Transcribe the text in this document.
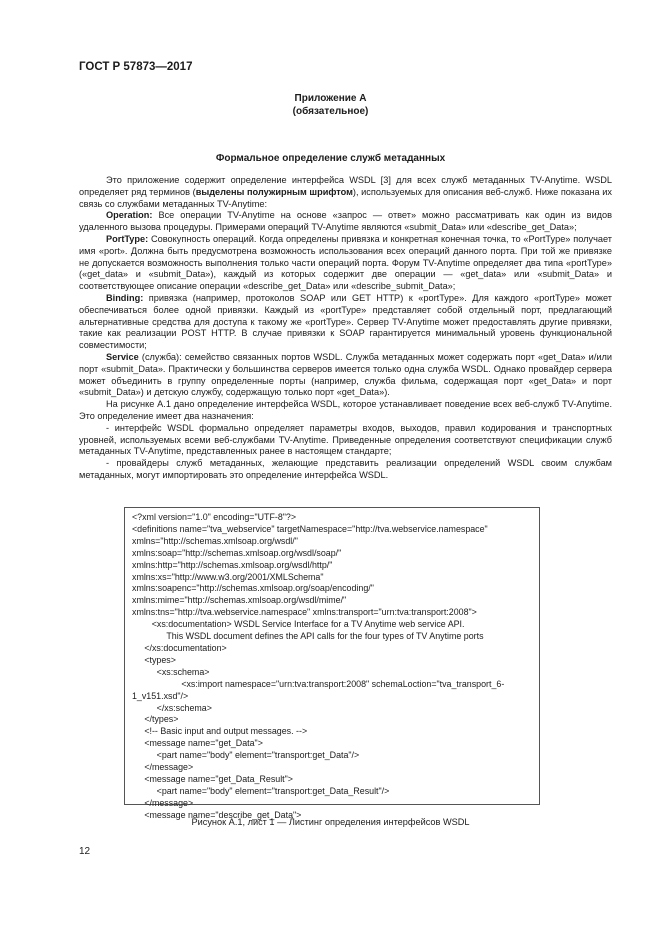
ГОСТ Р 57873—2017
Приложение А
(обязательное)
Формальное определение служб метаданных

Это приложение содержит определение интерфейса WSDL [3] для всех служб метаданных TV-Anytime. WSDL определяет ряд терминов (выделены полужирным шрифтом), используемых для описания веб-служб. Ниже показана их связь со службами метаданных TV-Anytime:

Operation: Все операции TV-Anytime на основе «запрос — ответ» можно рассматривать как один из видов удаленного вызова процедуры. Примерами операций TV-Anytime являются «submit_Data» или «describe_get_Data»;

PortType: Совокупность операций. Когда определены привязка и конкретная конечная точка, то «PortType» получает имя «port». Должна быть предусмотрена возможность использования всех операций данного порта. При той же привязке не допускается возможность выполнения только части операций порта. Форум TV-Anytime определяет два типа «portType» («get_data» и «submit_Data»), каждый из которых содержит две операции — «get_data» или «submit_Data» и соответствующее описание операции «describe_get_Data» или «describe_submit_Data»;

Binding: привязка (например, протоколов SOAP или GET HTTP) к «portType». Для каждого «portType» может обеспечиваться более одной привязки. Каждый из «portType» представляет собой отдельный порт, предлагающий альтернативные средства для доступа к такому же «portType». Сервер TV-Anytime может предоставлять другие привязки, такие как реализации POST HTTP. В случае привязки к SOAP гарантируется минимальный уровень функциональной совместимости;

Service (служба): семейство связанных портов WSDL. Служба метаданных может содержать порт «get_Data» и/или порт «submit_Data». Практически у большинства серверов имеется только одна служба WSDL. Однако провайдер сервера может объединить в группу определенные порты (например, служба фильма, содержащая порт «get_Data» и порт «submit_Data») и детскую службу, содержащую только порт «get_Data»).

На рисунке А.1 дано определение интерфейса WSDL, которое устанавливает поведение всех веб-служб TV-Anytime. Это определение имеет два назначения:

- интерфейс WSDL формально определяет параметры входов, выходов, правил кодирования и транспортных уровней, используемых всеми веб-службами TV-Anytime. Приведенные определения соответствуют спецификации служб метаданных TV-Anytime, представленных ранее в настоящем стандарте;

- провайдеры служб метаданных, желающие представить реализации определений WSDL своим службам метаданных, могут импортировать это определение интерфейса WSDL.

<?xml version="1.0" encoding="UTF-8"?>
<definitions name="tva_webservice" targetNamespace="http://tva.webservice.namespace"
xmlns="http://schemas.xmlsoap.org/wsdl/"
xmlns:soap="http://schemas.xmlsoap.org/wsdl/soap/"
xmlns:http="http://schemas.xmlsoap.org/wsdl/http/"
xmlns:xs="http://www.w3.org/2001/XMLSchema"
xmlns:soapenc="http://schemas.xmlsoap.org/soap/encoding/"
xmlns:mime="http://schemas.xmlsoap.org/wsdl/mime/"
xmlns:tns="http://tva.webservice.namespace" xmlns:transport="urn:tva:transport:2008">
<xs:documentation> WSDL Service Interface for a TV Anytime web service API.
This WSDL document defines the API calls for the four types of TV Anytime ports
</xs:documentation>
<types>
<xs:schema>
<xs:import namespace="urn:tva:transport:2008" schemaLoction="tva_transport_6-
1_v151.xsd"/>
</xs:schema>
</types>
<!-- Basic input and output messages. -->
<message name="get_Data">
<part name="body" element="transport:get_Data"/>
</message>
<message name="get_Data_Result">
<part name="body" element="transport:get_Data_Result"/>
</message>
<message name="describe_get_Data">
Рисунок А.1, лист 1 — Листинг определения интерфейсов WSDL
12
